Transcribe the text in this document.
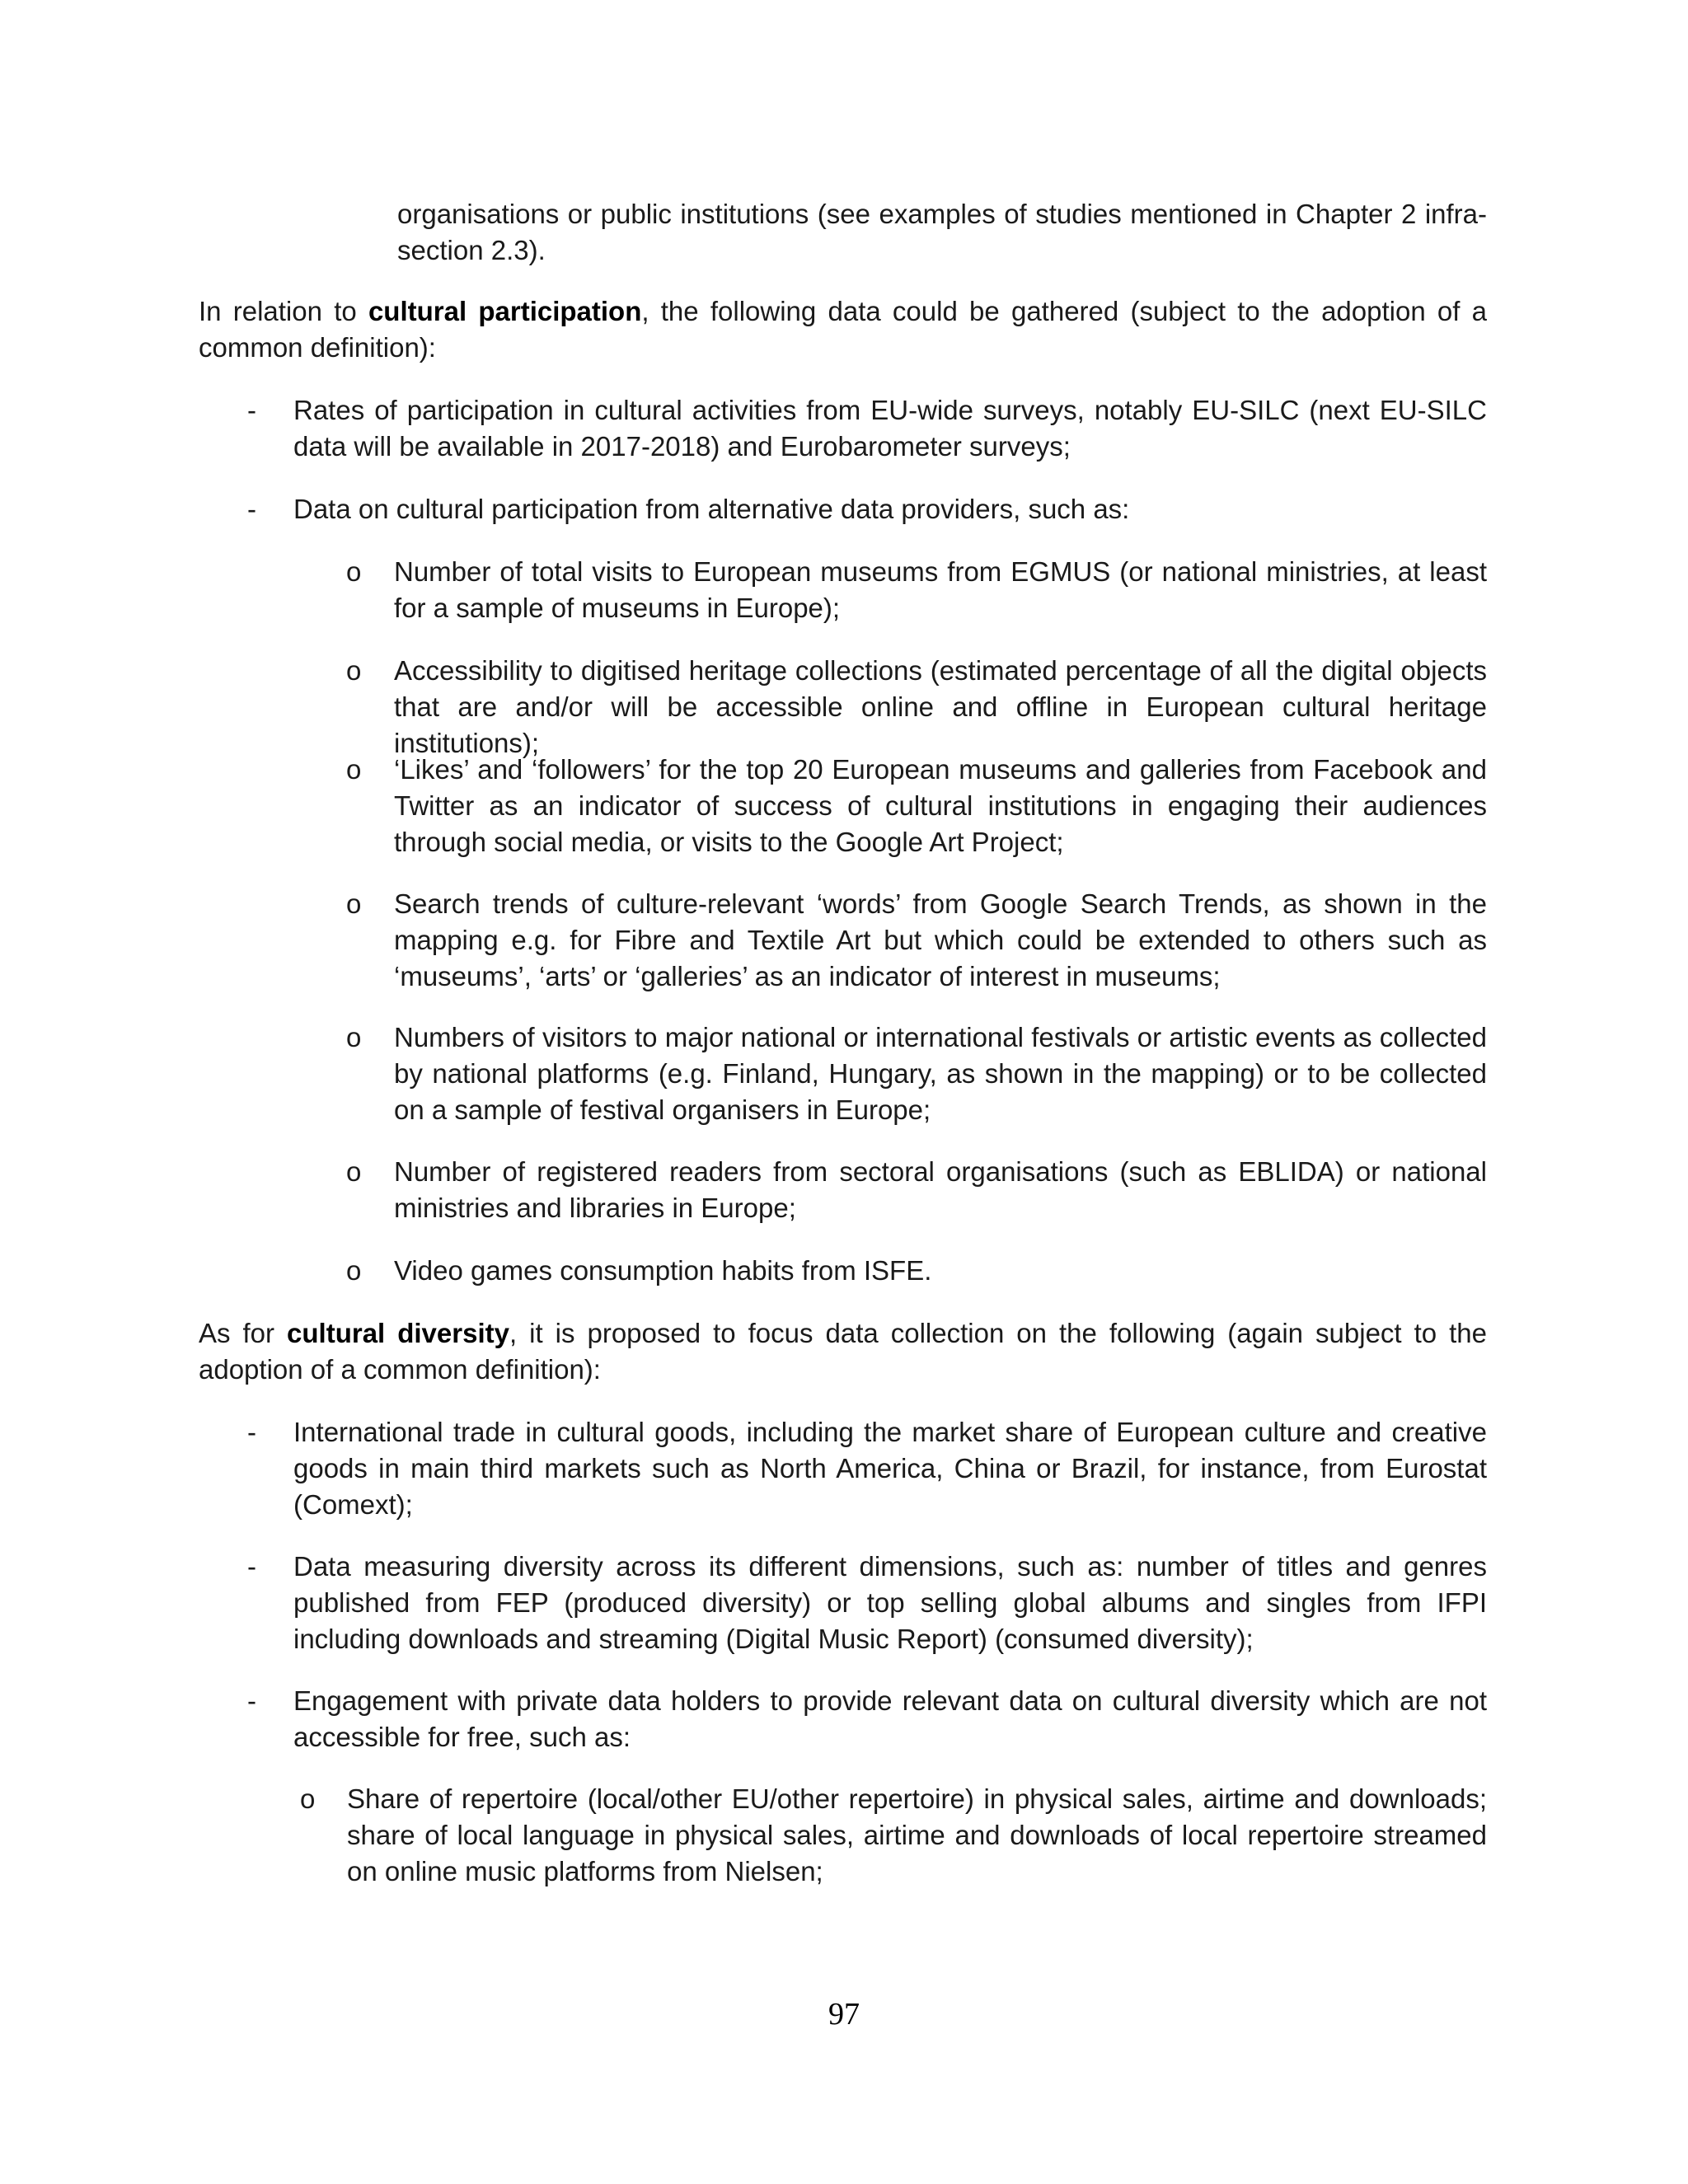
organisations or public institutions (see examples of studies mentioned in Chapter 2 infra-section 2.3).

In relation to cultural participation, the following data could be gathered (subject to the adoption of a common definition):

-	Rates of participation in cultural activities from EU-wide surveys, notably EU-SILC (next EU-SILC data will be available in 2017-2018) and Eurobarometer surveys;

-	Data on cultural participation from alternative data providers, such as:

o	Number of total visits to European museums from EGMUS (or national ministries, at least for a sample of museums in Europe);

o	Accessibility to digitised heritage collections (estimated percentage of all the digital objects that are and/or will be accessible online and offline in European cultural heritage institutions);

o	‘Likes’ and ‘followers’ for the top 20 European museums and galleries from Facebook and Twitter as an indicator of success of cultural institutions in engaging their audiences through social media, or visits to the Google Art Project;

o	Search trends of culture-relevant ‘words’ from Google Search Trends, as shown in the mapping e.g. for Fibre and Textile Art but which could be extended to others such as ‘museums’, ‘arts’ or ‘galleries’ as an indicator of interest in museums;

o	Numbers of visitors to major national or international festivals or artistic events as collected by national platforms (e.g. Finland, Hungary, as shown in the mapping) or to be collected on a sample of festival organisers in Europe;

o	Number of registered readers from sectoral organisations (such as EBLIDA) or national ministries and libraries in Europe;

o	Video games consumption habits from ISFE.

As for cultural diversity, it is proposed to focus data collection on the following (again subject to the adoption of a common definition):

-	International trade in cultural goods, including the market share of European culture and creative goods in main third markets such as North America, China or Brazil, for instance, from Eurostat (Comext);

-	Data measuring diversity across its different dimensions, such as: number of titles and genres published from FEP (produced diversity) or top selling global albums and singles from IFPI including downloads and streaming (Digital Music Report) (consumed diversity);

-	Engagement with private data holders to provide relevant data on cultural diversity which are not accessible for free, such as:

o	Share of repertoire (local/other EU/other repertoire) in physical sales, airtime and downloads; share of local language in physical sales, airtime and downloads of local repertoire streamed on online music platforms from Nielsen;

97
